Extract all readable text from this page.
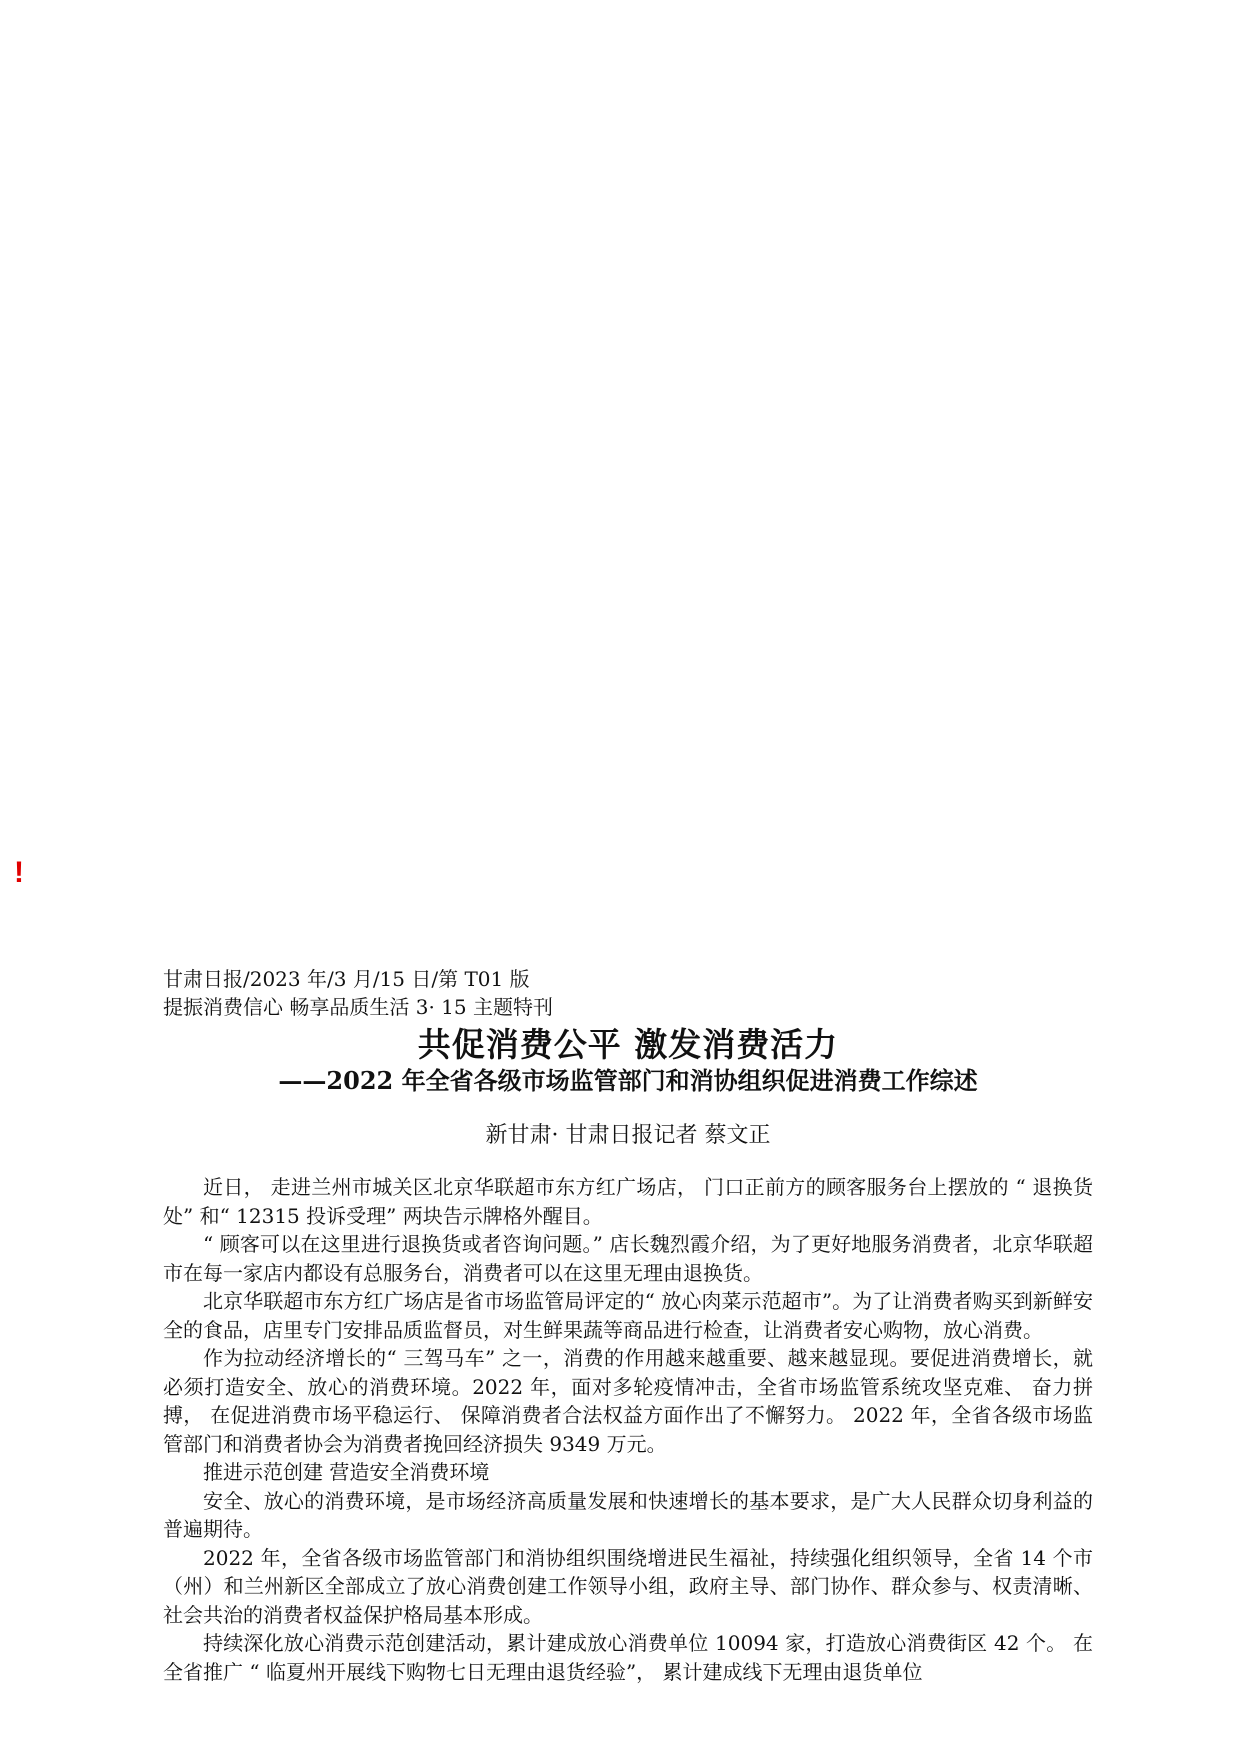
!
甘肃日报/2023 年/3 月/15 日/第 T01 版
提振消费信心 畅享品质生活 3· 15 主题特刊
共促消费公平 激发消费活力
——2022 年全省各级市场监管部门和消协组织促进消费工作综述
新甘肃· 甘肃日报记者 蔡文正

近日， 走进兰州市城关区北京华联超市东方红广场店， 门口正前方的顾客服务台上摆放的 “ 退换货处” 和“ 12315 投诉受理” 两块告示牌格外醒目。

“ 顾客可以在这里进行退换货或者咨询问题。” 店长魏烈霞介绍，为了更好地服务消费者，北京华联超市在每一家店内都设有总服务台，消费者可以在这里无理由退换货。

北京华联超市东方红广场店是省市场监管局评定的“ 放心肉菜示范超市”。为了让消费者购买到新鲜安全的食品，店里专门安排品质监督员，对生鲜果蔬等商品进行检查，让消费者安心购物，放心消费。

作为拉动经济增长的“ 三驾马车” 之一，消费的作用越来越重要、越来越显现。要促进消费增长，就必须打造安全、放心的消费环境。2022 年，面对多轮疫情冲击，全省市场监管系统攻坚克难、 奋力拼搏， 在促进消费市场平稳运行、 保障消费者合法权益方面作出了不懈努力。 2022 年，全省各级市场监管部门和消费者协会为消费者挽回经济损失 9349 万元。

推进示范创建 营造安全消费环境

安全、放心的消费环境，是市场经济高质量发展和快速增长的基本要求，是广大人民群众切身利益的普遍期待。

2022 年，全省各级市场监管部门和消协组织围绕增进民生福祉，持续强化组织领导，全省 14 个市（州）和兰州新区全部成立了放心消费创建工作领导小组，政府主导、部门协作、群众参与、权责清晰、社会共治的消费者权益保护格局基本形成。

持续深化放心消费示范创建活动，累计建成放心消费单位 10094 家，打造放心消费街区 42 个。 在全省推广 “ 临夏州开展线下购物七日无理由退货经验”， 累计建成线下无理由退货单位
